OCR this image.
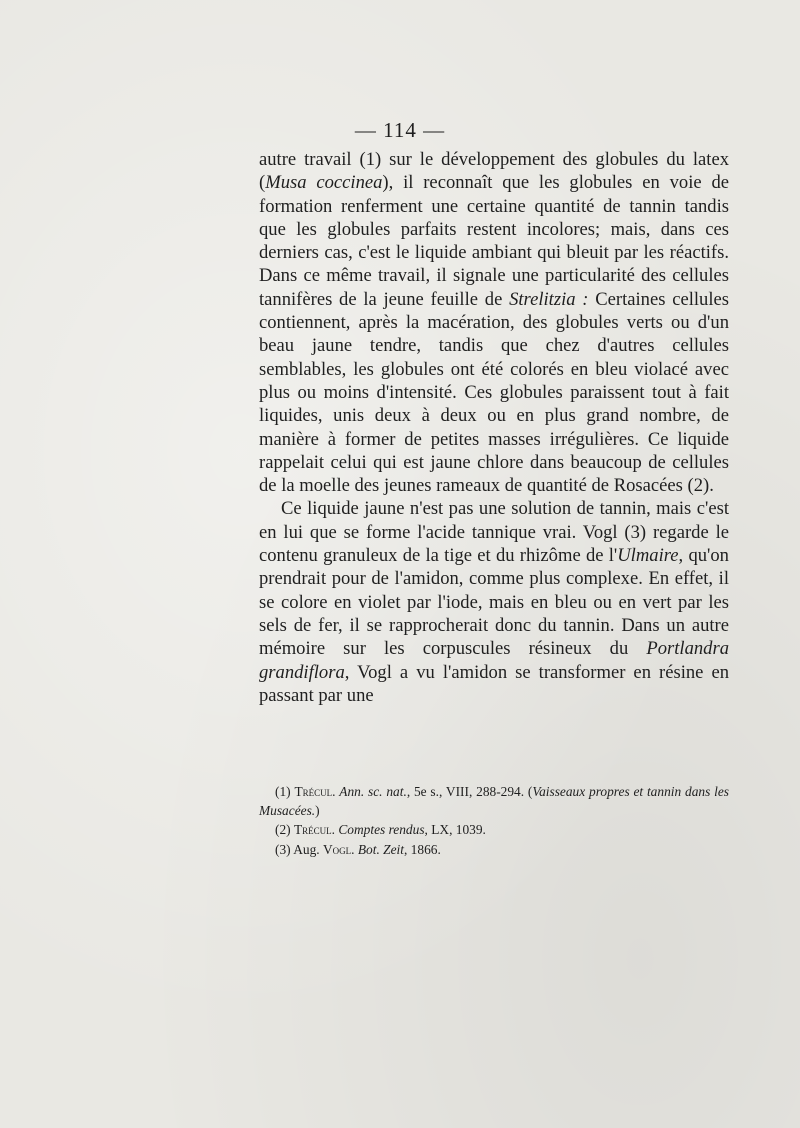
— 114 —

autre travail (1) sur le développement des globules du latex (Musa coccinea), il reconnaît que les globules en voie de formation renferment une certaine quantité de tannin tandis que les globules parfaits restent incolores; mais, dans ces derniers cas, c'est le liquide ambiant qui bleuit par les réactifs. Dans ce même travail, il signale une particularité des cellules tannifères de la jeune feuille de Strelitzia : Certaines cellules contiennent, après la macération, des globules verts ou d'un beau jaune tendre, tandis que chez d'autres cellules semblables, les globules ont été colorés en bleu violacé avec plus ou moins d'intensité. Ces globules paraissent tout à fait liquides, unis deux à deux ou en plus grand nombre, de manière à former de petites masses irrégulières. Ce liquide rappelait celui qui est jaune chlore dans beaucoup de cellules de la moelle des jeunes rameaux de quantité de Rosacées (2).

Ce liquide jaune n'est pas une solution de tannin, mais c'est en lui que se forme l'acide tannique vrai. Vogl (3) regarde le contenu granuleux de la tige et du rhizôme de l'Ulmaire, qu'on prendrait pour de l'amidon, comme plus complexe. En effet, il se colore en violet par l'iode, mais en bleu ou en vert par les sels de fer, il se rapprocherait donc du tannin. Dans un autre mémoire sur les corpuscules résineux du Portlandra grandiflora, Vogl a vu l'amidon se transformer en résine en passant par une

(1) Trécul. Ann. sc. nat., 5e s., VIII, 288-294. (Vaisseaux propres et tannin dans les Musacées.)

(2) Trécul. Comptes rendus, LX, 1039.

(3) Aug. Vogl. Bot. Zeit, 1866.
